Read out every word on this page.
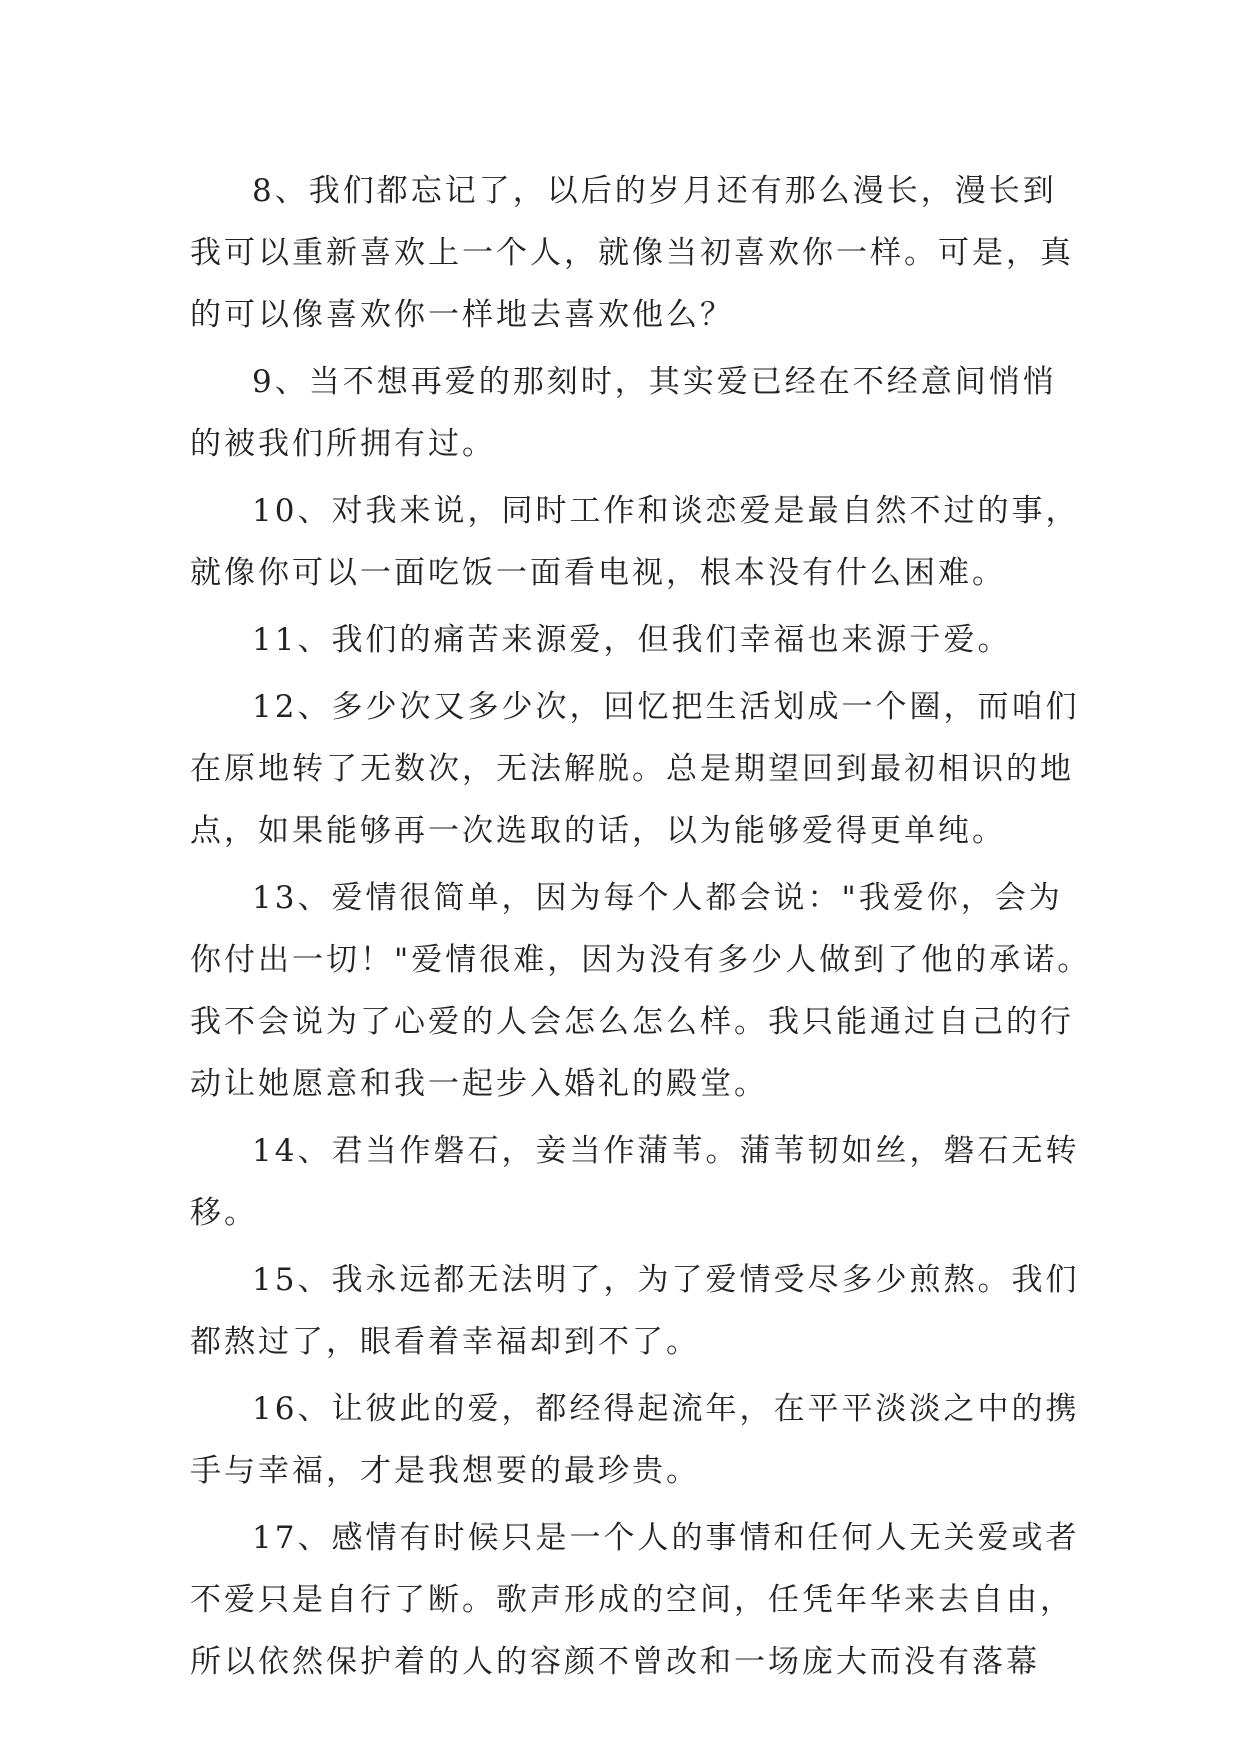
8、我们都忘记了，以后的岁月还有那么漫长，漫长到
我可以重新喜欢上一个人，就像当初喜欢你一样。可是，真
的可以像喜欢你一样地去喜欢他么？

9、当不想再爱的那刻时，其实爱已经在不经意间悄悄
的被我们所拥有过。

10、对我来说，同时工作和谈恋爱是最自然不过的事，
就像你可以一面吃饭一面看电视，根本没有什么困难。

11、我们的痛苦来源爱，但我们幸福也来源于爱。

12、多少次又多少次，回忆把生活划成一个圈，而咱们
在原地转了无数次，无法解脱。总是期望回到最初相识的地
点，如果能够再一次选取的话，以为能够爱得更单纯。

13、爱情很简单，因为每个人都会说："我爱你，会为
你付出一切！"爱情很难，因为没有多少人做到了他的承诺。
我不会说为了心爱的人会怎么怎么样。我只能通过自己的行
动让她愿意和我一起步入婚礼的殿堂。

14、君当作磐石，妾当作蒲苇。蒲苇韧如丝，磐石无转
移。

15、我永远都无法明了，为了爱情受尽多少煎熬。我们
都熬过了，眼看着幸福却到不了。

16、让彼此的爱，都经得起流年，在平平淡淡之中的携
手与幸福，才是我想要的最珍贵。

17、感情有时候只是一个人的事情和任何人无关爱或者
不爱只是自行了断。歌声形成的空间，任凭年华来去自由，
所以依然保护着的人的容颜不曾改和一场庞大而没有落幕
